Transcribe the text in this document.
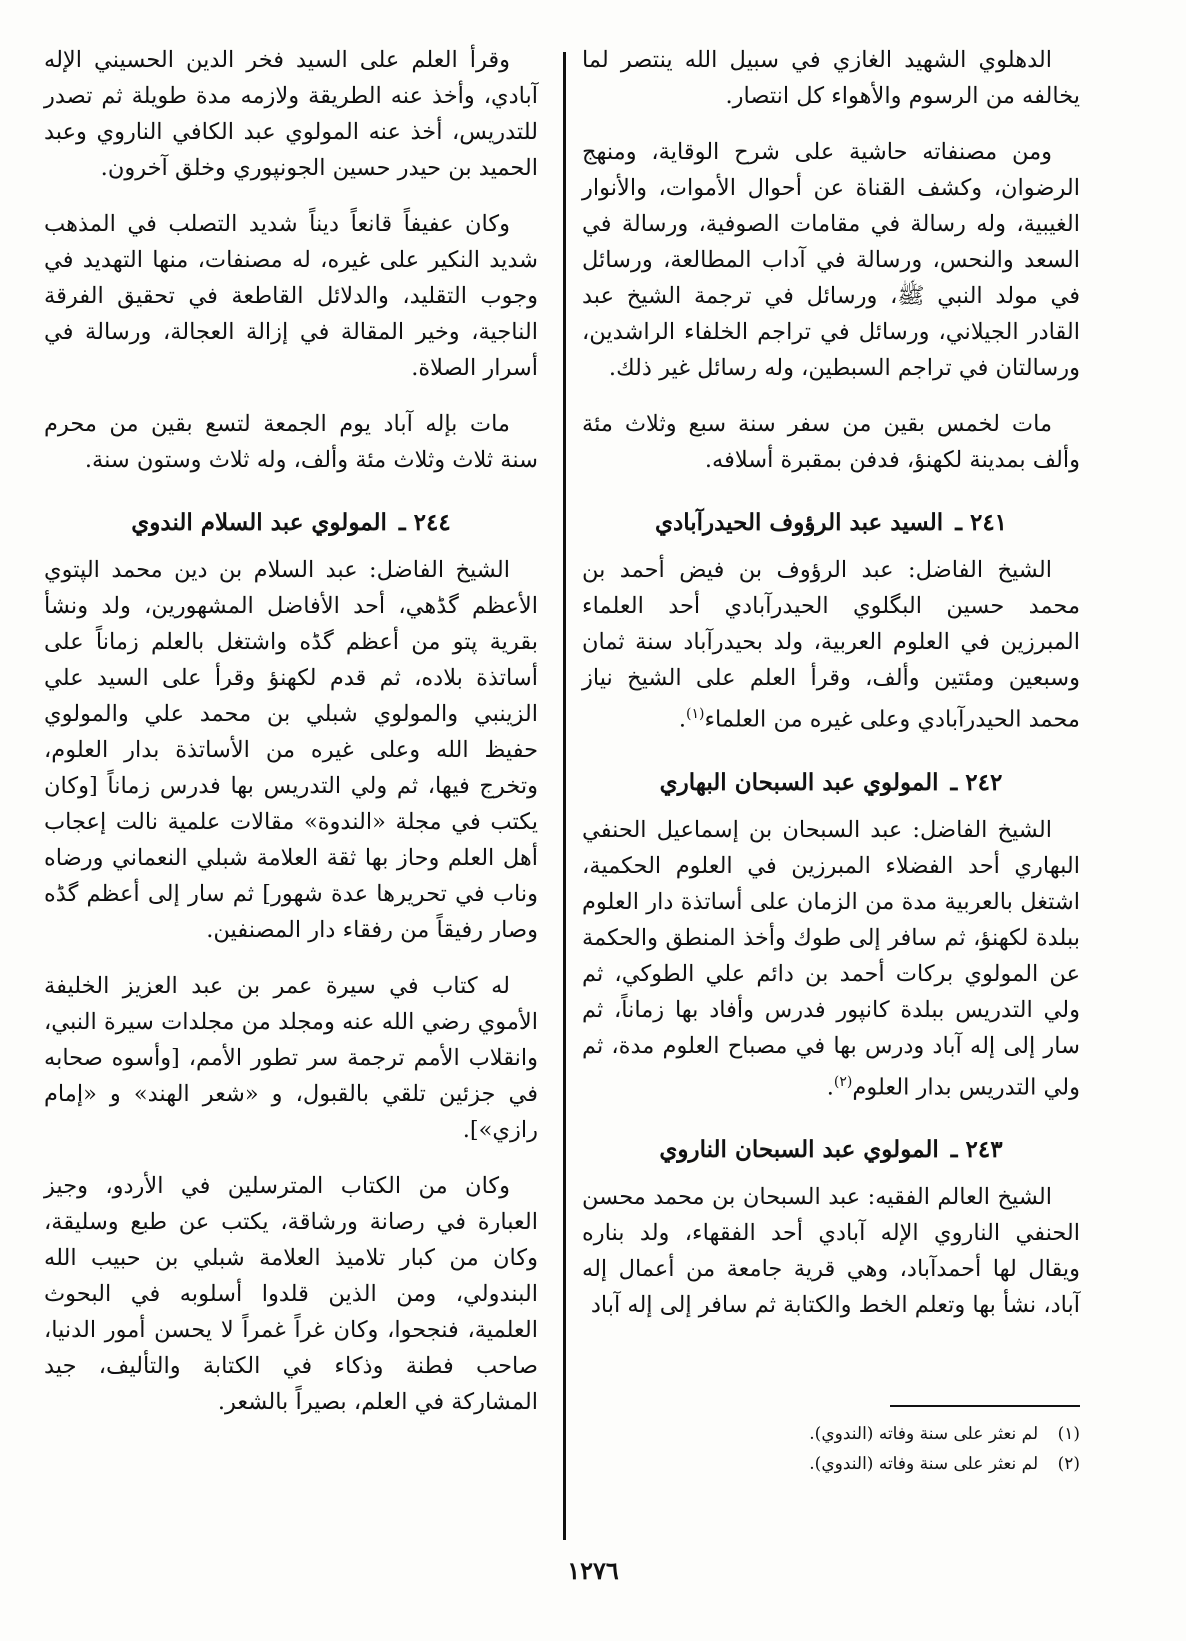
الدهلوي الشهيد الغازي في سبيل الله ينتصر لما يخالفه من الرسوم والأهواء كل انتصار.

ومن مصنفاته حاشية على شرح الوقاية، ومنهج الرضوان، وكشف القناة عن أحوال الأموات، والأنوار الغيبية، وله رسالة في مقامات الصوفية، ورسالة في السعد والنحس، ورسالة في آداب المطالعة، ورسائل في مولد النبي ﷺ، ورسائل في ترجمة الشيخ عبد القادر الجيلاني، ورسائل في تراجم الخلفاء الراشدين، ورسالتان في تراجم السبطين، وله رسائل غير ذلك.

مات لخمس بقين من سفر سنة سبع وثلاث مئة وألف بمدينة لكهنؤ، فدفن بمقبرة أسلافه.

٢٤١ ـ السيد عبد الرؤوف الحيدرآبادي

الشيخ الفاضل: عبد الرؤوف بن فيض أحمد بن محمد حسين البگلوي الحيدرآبادي أحد العلماء المبرزين في العلوم العربية، ولد بحيدرآباد سنة ثمان وسبعين ومئتين وألف، وقرأ العلم على الشيخ نياز محمد الحيدرآبادي وعلى غيره من العلماء$^{(١)}$.

٢٤٢ ـ المولوي عبد السبحان البهاري

الشيخ الفاضل: عبد السبحان بن إسماعيل الحنفي البهاري أحد الفضلاء المبرزين في العلوم الحكمية، اشتغل بالعربية مدة من الزمان على أساتذة دار العلوم ببلدة لكهنؤ، ثم سافر إلى طوك وأخذ المنطق والحكمة عن المولوي بركات أحمد بن دائم علي الطوكي، ثم ولي التدريس ببلدة كانپور فدرس وأفاد بها زماناً، ثم سار إلى إله آباد ودرس بها في مصباح العلوم مدة، ثم ولي التدريس بدار العلوم$^{(٢)}$.

٢٤٣ ـ المولوي عبد السبحان الناروي

الشيخ العالم الفقيه: عبد السبحان بن محمد محسن الحنفي الناروي الإله آبادي أحد الفقهاء، ولد بناره ويقال لها أحمدآباد، وهي قرية جامعة من أعمال إله آباد، نشأ بها وتعلم الخط والكتابة ثم سافر إلى إله آباد

(١) لم نعثر على سنة وفاته (الندوي).

(٢) لم نعثر على سنة وفاته (الندوي).

وقرأ العلم على السيد فخر الدين الحسيني الإله آبادي، وأخذ عنه الطريقة ولازمه مدة طويلة ثم تصدر للتدريس، أخذ عنه المولوي عبد الكافي الناروي وعبد الحميد بن حيدر حسين الجونپوري وخلق آخرون.

وكان عفيفاً قانعاً ديناً شديد التصلب في المذهب شديد النكير على غيره، له مصنفات، منها التهديد في وجوب التقليد، والدلائل القاطعة في تحقيق الفرقة الناجية، وخير المقالة في إزالة العجالة، ورسالة في أسرار الصلاة.

مات بإله آباد يوم الجمعة لتسع بقين من محرم سنة ثلاث وثلاث مئة وألف، وله ثلاث وستون سنة.

٢٤٤ ـ المولوي عبد السلام الندوي

الشيخ الفاضل: عبد السلام بن دين محمد الپتوي الأعظم گڈهي، أحد الأفاضل المشهورين، ولد ونشأ بقرية پتو من أعظم گڈه واشتغل بالعلم زماناً على أساتذة بلاده، ثم قدم لكهنؤ وقرأ على السيد علي الزينبي والمولوي شبلي بن محمد علي والمولوي حفيظ الله وعلى غيره من الأساتذة بدار العلوم، وتخرج فيها، ثم ولي التدريس بها فدرس زماناً [وكان يكتب في مجلة «الندوة» مقالات علمية نالت إعجاب أهل العلم وحاز بها ثقة العلامة شبلي النعماني ورضاه وناب في تحريرها عدة شهور] ثم سار إلى أعظم گڈه وصار رفيقاً من رفقاء دار المصنفين.

له كتاب في سيرة عمر بن عبد العزيز الخليفة الأموي رضي الله عنه ومجلد من مجلدات سيرة النبي، وانقلاب الأمم ترجمة سر تطور الأمم، [وأسوه صحابه في جزئين تلقي بالقبول، و «شعر الهند» و «إمام رازي»].

وكان من الكتاب المترسلين في الأردو، وجيز العبارة في رصانة ورشاقة، يكتب عن طبع وسليقة، وكان من كبار تلاميذ العلامة شبلي بن حبيب الله البندولي، ومن الذين قلدوا أسلوبه في البحوث العلمية، فنجحوا، وكان غراً غمراً لا يحسن أمور الدنيا، صاحب فطنة وذكاء في الكتابة والتأليف، جيد المشاركة في العلم، بصيراً بالشعر.

١٢٧٦
